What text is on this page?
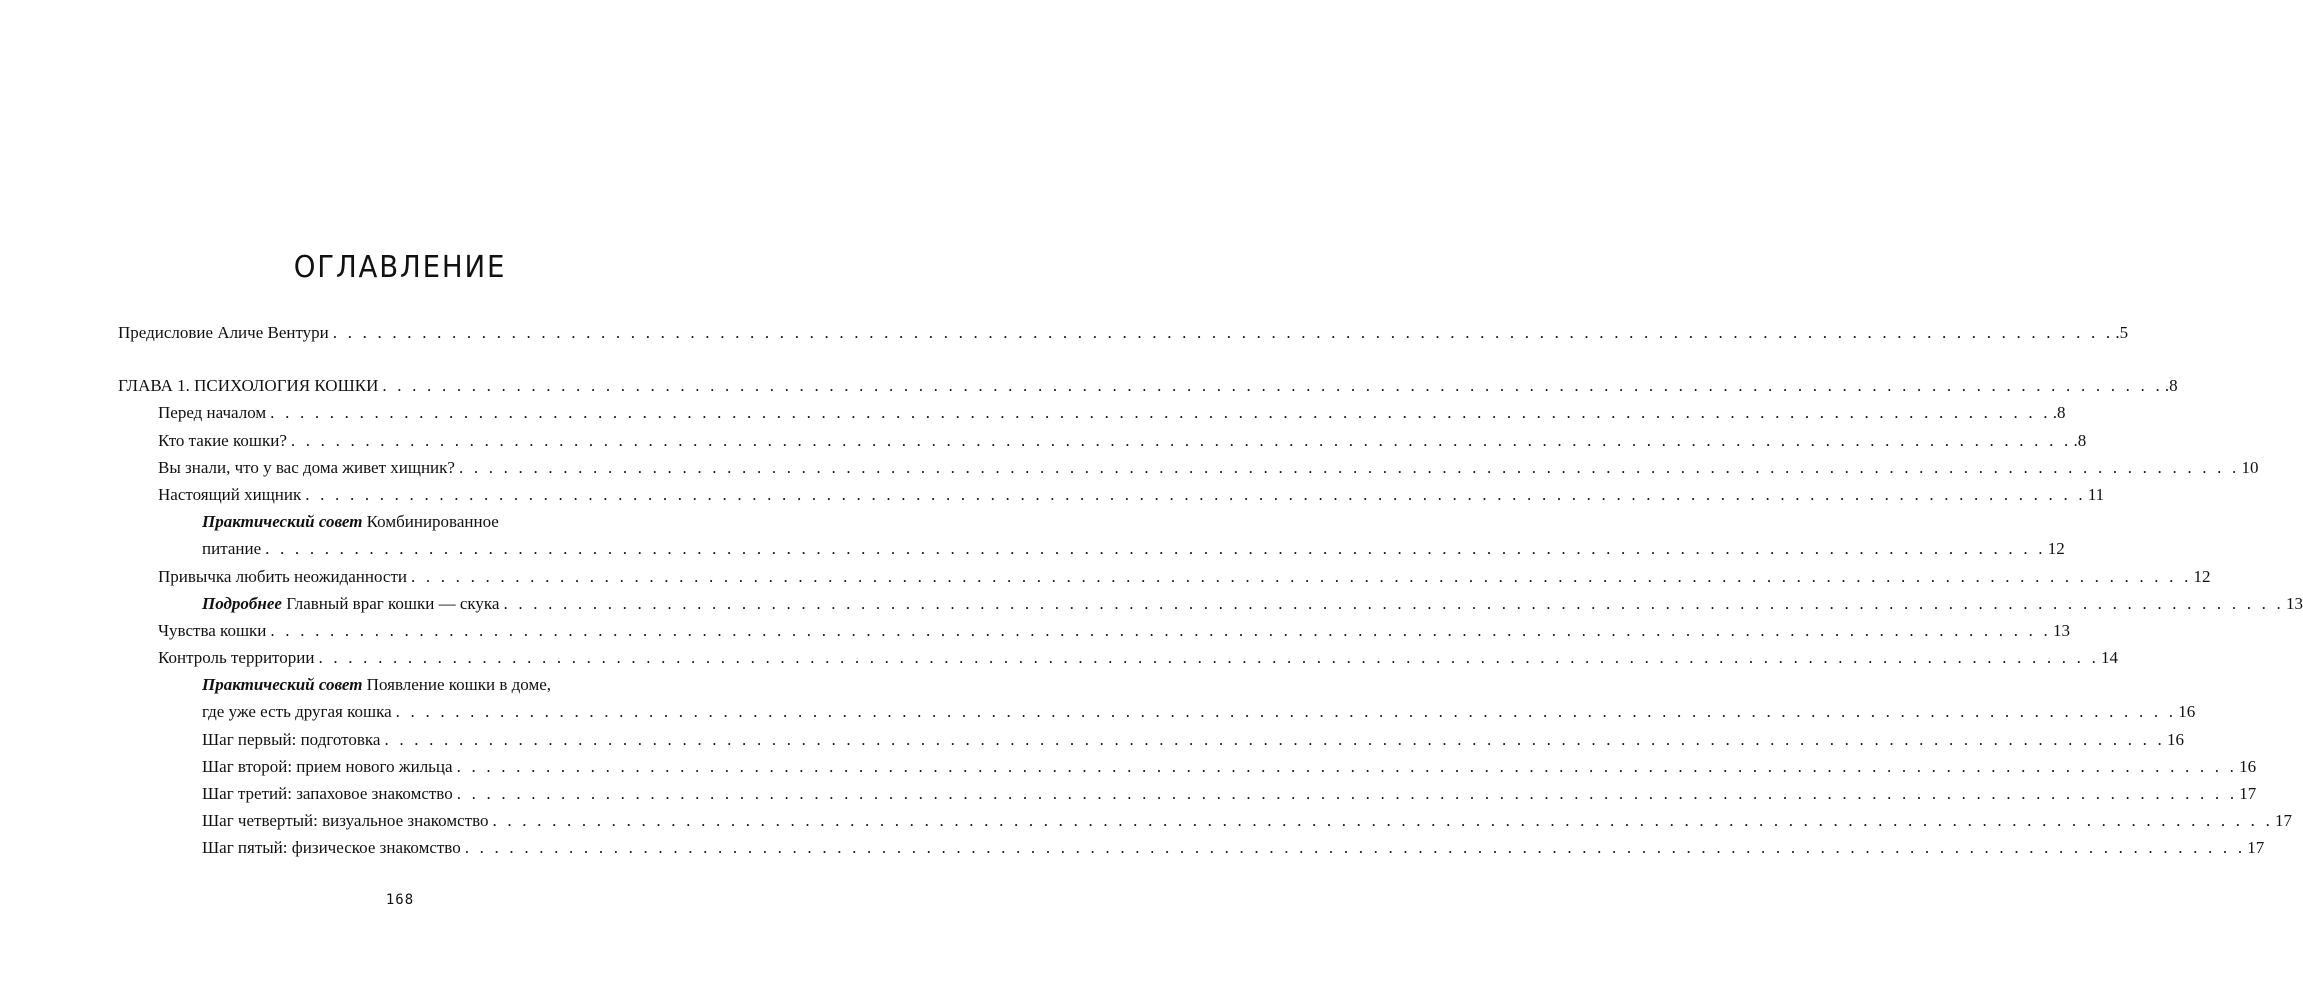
ОГЛАВЛЕНИЕ
Предисловие Аличе Вентури . . . . . . . . . . . . . . . . . . . . . . . . . . . . . . . . . . . . . . . . . . . . . . . . . . . . . . . . . . . . . . . . . . . . . . . . . . . . . . . . . . . . . . . . . . . . . . . . . . . . . . . . . . . . . . . . . . . . . . . . .5
ГЛАВА 1. ПСИХОЛОГИЯ КОШКИ . . . . . . . . . . . . . . . . . . . . . . . . . . . . . . . . . . . . . . . . . . . . . . . . . . . . . . . . . . . . . . . . . . . . . . . . . . . . . . . . . . . . . . . . . . . . . . . . . . . . . . . . . . . . . . . . . . . . . . . . .8
Перед началом . . . . . . . . . . . . . . . . . . . . . . . . . . . . . . . . . . . . . . . . . . . . . . . . . . . . . . . . . . . . . . . . . . . . . . . . . . . . . . . . . . . . . . . . . . . . . . . . . . . . . . . . . . . . . . . . . . . . . . . . .8
Кто такие кошки? . . . . . . . . . . . . . . . . . . . . . . . . . . . . . . . . . . . . . . . . . . . . . . . . . . . . . . . . . . . . . . . . . . . . . . . . . . . . . . . . . . . . . . . . . . . . . . . . . . . . . . . . . . . . . . . . . . . . . . . . .8
Вы знали, что у вас дома живет хищник? . . . . . . . . . . . . . . . . . . . . . . . . . . . . . . . . . . . . . . . . . . . . . . . . . . . . . . . . . . . . . . . . . . . . . . . . . . . . . . . . . . . . . . . . . . . . . . . . . . . . . . . . . . . . . . . . . . . . . . . . 10
Настоящий хищник . . . . . . . . . . . . . . . . . . . . . . . . . . . . . . . . . . . . . . . . . . . . . . . . . . . . . . . . . . . . . . . . . . . . . . . . . . . . . . . . . . . . . . . . . . . . . . . . . . . . . . . . . . . . . . . . . . . . . . . . 11
Практический совет Комбинированное
питание . . . . . . . . . . . . . . . . . . . . . . . . . . . . . . . . . . . . . . . . . . . . . . . . . . . . . . . . . . . . . . . . . . . . . . . . . . . . . . . . . . . . . . . . . . . . . . . . . . . . . . . . . . . . . . . . . . . . . . . . 12
Привычка любить неожиданности . . . . . . . . . . . . . . . . . . . . . . . . . . . . . . . . . . . . . . . . . . . . . . . . . . . . . . . . . . . . . . . . . . . . . . . . . . . . . . . . . . . . . . . . . . . . . . . . . . . . . . . . . . . . . . . . . . . . . . . . 12
Подробнее Главный враг кошки — скука . . . . . . . . . . . . . . . . . . . . . . . . . . . . . . . . . . . . . . . . . . . . . . . . . . . . . . . . . . . . . . . . . . . . . . . . . . . . . . . . . . . . . . . . . . . . . . . . . . . . . . . . . . . . . . . . . . . . . . . . 13
Чувства кошки . . . . . . . . . . . . . . . . . . . . . . . . . . . . . . . . . . . . . . . . . . . . . . . . . . . . . . . . . . . . . . . . . . . . . . . . . . . . . . . . . . . . . . . . . . . . . . . . . . . . . . . . . . . . . . . . . . . . . . . . 13
Контроль территории . . . . . . . . . . . . . . . . . . . . . . . . . . . . . . . . . . . . . . . . . . . . . . . . . . . . . . . . . . . . . . . . . . . . . . . . . . . . . . . . . . . . . . . . . . . . . . . . . . . . . . . . . . . . . . . . . . . . . . . . 14
Практический совет Появление кошки в доме,
где уже есть другая кошка . . . . . . . . . . . . . . . . . . . . . . . . . . . . . . . . . . . . . . . . . . . . . . . . . . . . . . . . . . . . . . . . . . . . . . . . . . . . . . . . . . . . . . . . . . . . . . . . . . . . . . . . . . . . . . . . . . . . . . . . 16
Шаг первый: подготовка . . . . . . . . . . . . . . . . . . . . . . . . . . . . . . . . . . . . . . . . . . . . . . . . . . . . . . . . . . . . . . . . . . . . . . . . . . . . . . . . . . . . . . . . . . . . . . . . . . . . . . . . . . . . . . . . . . . . . . . . 16
Шаг второй: прием нового жильца . . . . . . . . . . . . . . . . . . . . . . . . . . . . . . . . . . . . . . . . . . . . . . . . . . . . . . . . . . . . . . . . . . . . . . . . . . . . . . . . . . . . . . . . . . . . . . . . . . . . . . . . . . . . . . . . . . . . . . . . 16
Шаг третий: запаховое знакомство . . . . . . . . . . . . . . . . . . . . . . . . . . . . . . . . . . . . . . . . . . . . . . . . . . . . . . . . . . . . . . . . . . . . . . . . . . . . . . . . . . . . . . . . . . . . . . . . . . . . . . . . . . . . . . . . . . . . . . . . 17
Шаг четвертый: визуальное знакомство . . . . . . . . . . . . . . . . . . . . . . . . . . . . . . . . . . . . . . . . . . . . . . . . . . . . . . . . . . . . . . . . . . . . . . . . . . . . . . . . . . . . . . . . . . . . . . . . . . . . . . . . . . . . . . . . . . . . . . . . 17
Шаг пятый: физическое знакомство . . . . . . . . . . . . . . . . . . . . . . . . . . . . . . . . . . . . . . . . . . . . . . . . . . . . . . . . . . . . . . . . . . . . . . . . . . . . . . . . . . . . . . . . . . . . . . . . . . . . . . . . . . . . . . . . . . . . . . . . 17
168
